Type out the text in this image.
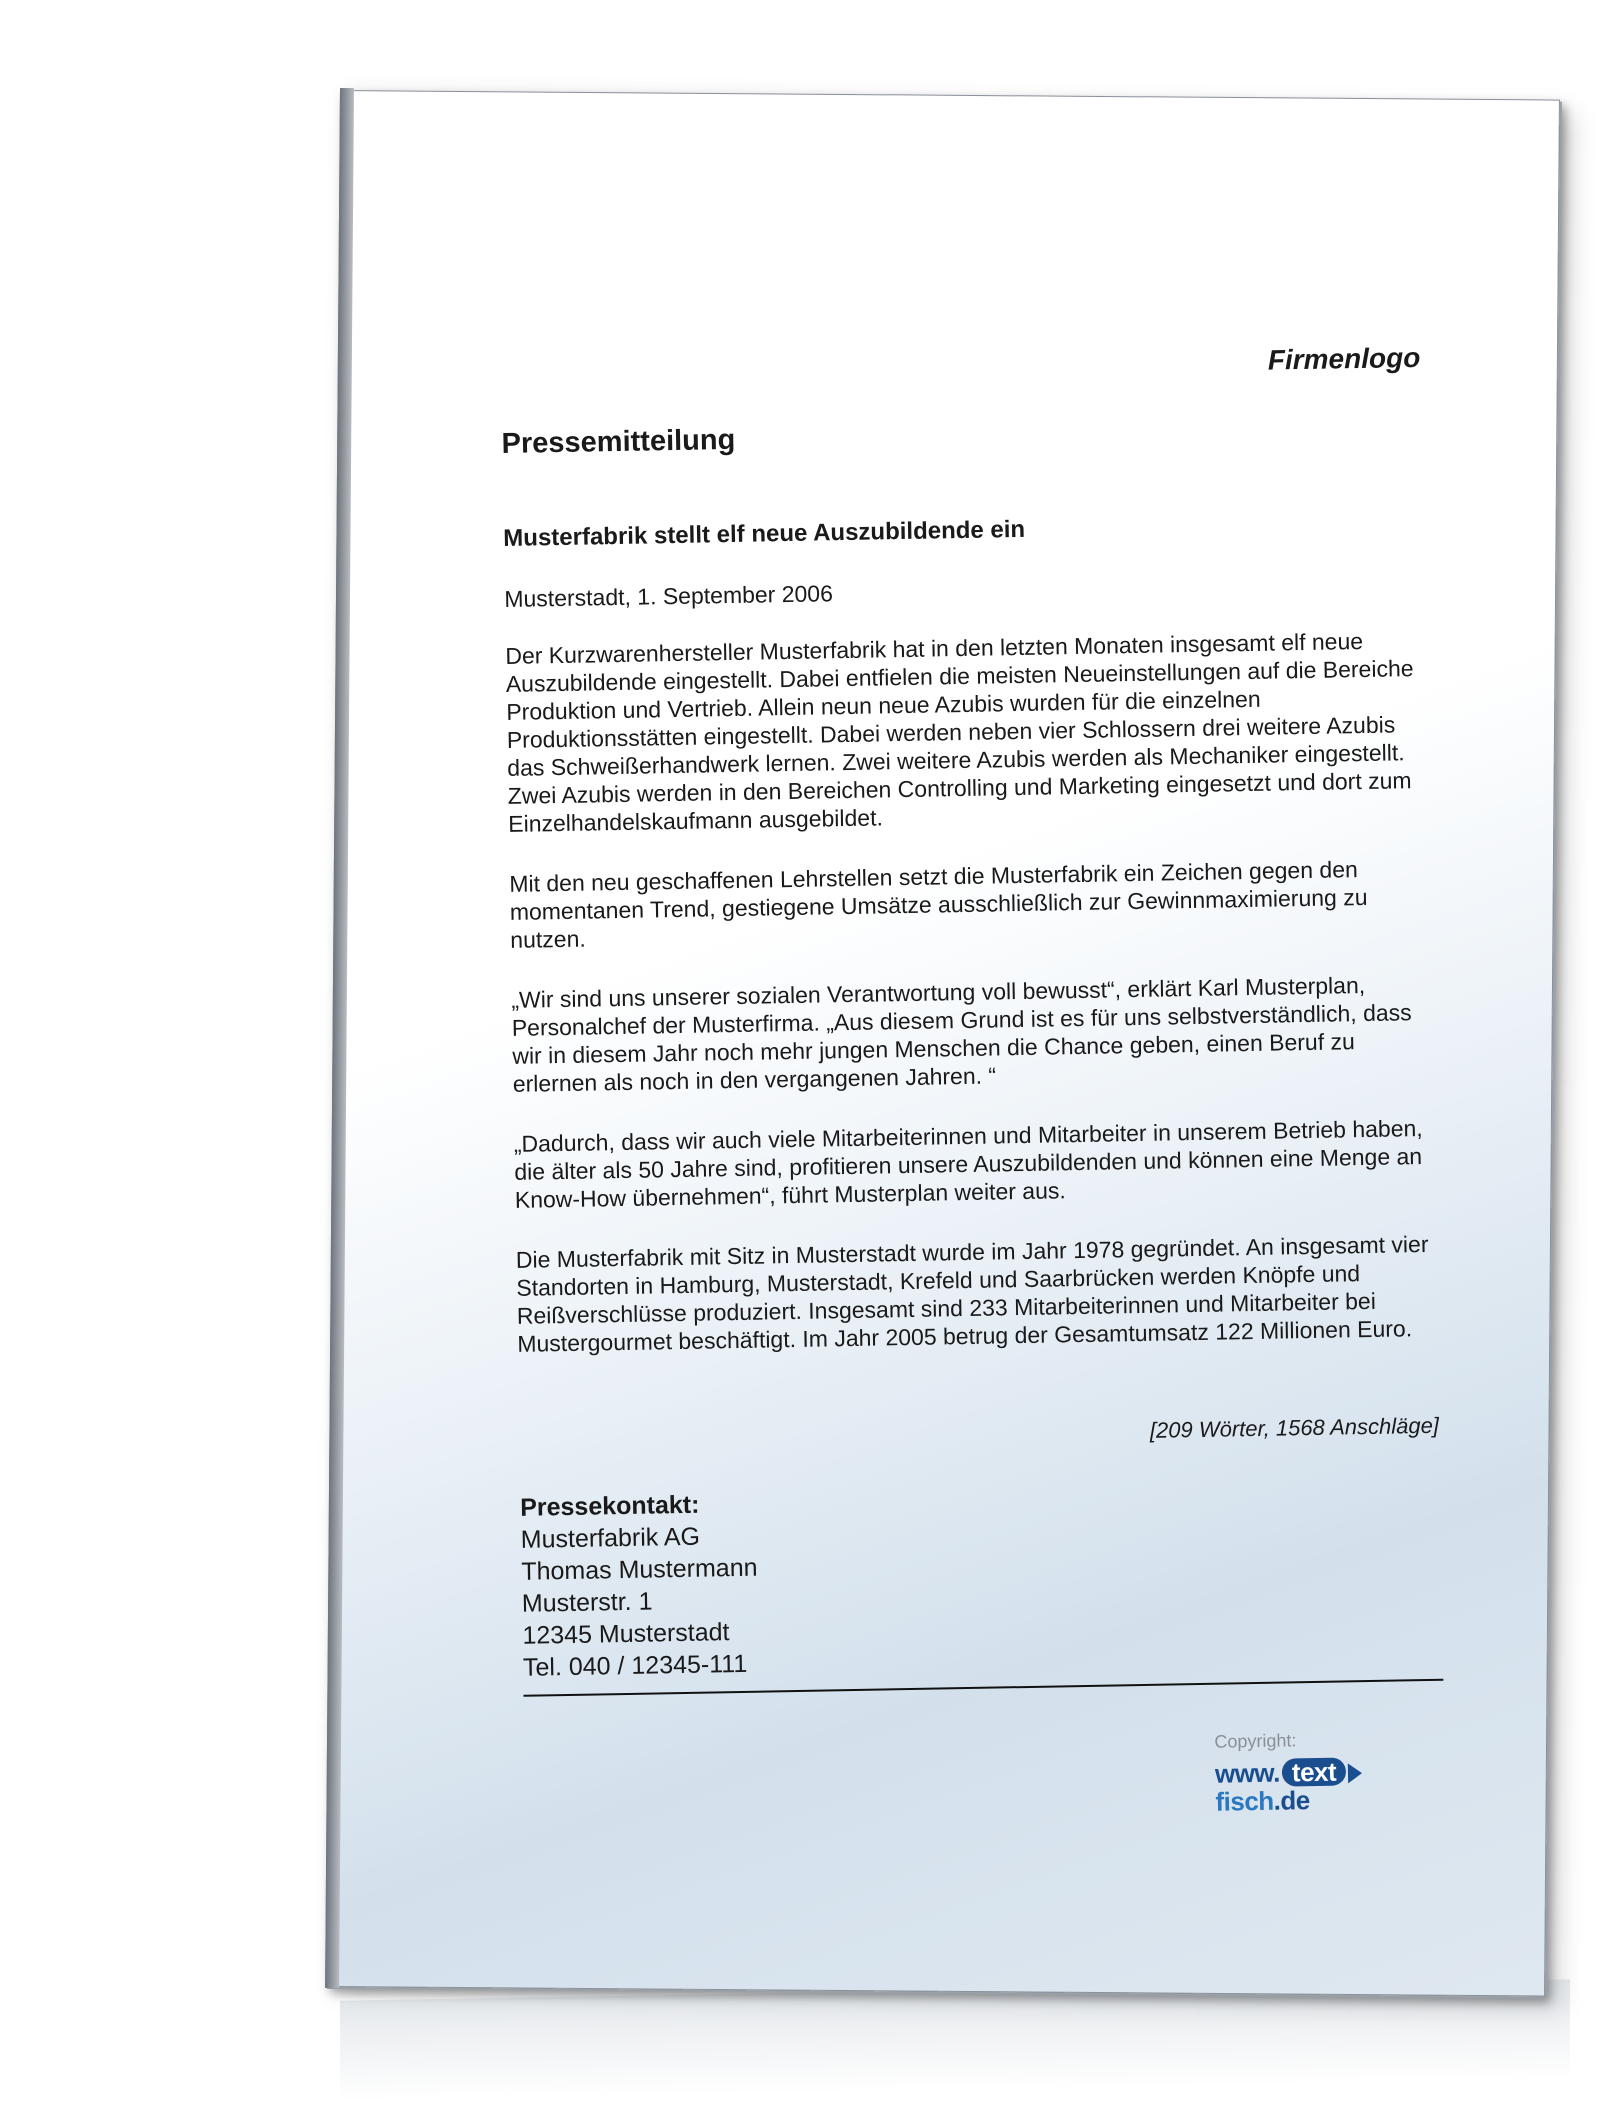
Firmenlogo
Pressemitteilung
Musterfabrik stellt elf neue Auszubildende ein
Musterstadt, 1. September 2006

Der Kurzwarenhersteller Musterfabrik hat in den letzten Monaten insgesamt elf neue Auszubildende eingestellt. Dabei entfielen die meisten Neueinstellungen auf die Bereiche Produktion und Vertrieb. Allein neun neue Azubis wurden für die einzelnen Produktionsstätten eingestellt. Dabei werden neben vier Schlossern drei weitere Azubis das Schweißerhandwerk lernen. Zwei weitere Azubis werden als Mechaniker eingestellt. Zwei Azubis werden in den Bereichen Controlling und Marketing eingesetzt und dort zum Einzelhandelskaufmann ausgebildet.

Mit den neu geschaffenen Lehrstellen setzt die Musterfabrik ein Zeichen gegen den momentanen Trend, gestiegene Umsätze ausschließlich zur Gewinnmaximierung zu nutzen.

„Wir sind uns unserer sozialen Verantwortung voll bewusst“, erklärt Karl Musterplan, Personalchef der Musterfirma. „Aus diesem Grund ist es für uns selbstverständlich, dass wir in diesem Jahr noch mehr jungen Menschen die Chance geben, einen Beruf zu erlernen als noch in den vergangenen Jahren. “

„Dadurch, dass wir auch viele Mitarbeiterinnen und Mitarbeiter in unserem Betrieb haben, die älter als 50 Jahre sind, profitieren unsere Auszubildenden und können eine Menge an Know-How übernehmen“, führt Musterplan weiter aus.

Die Musterfabrik mit Sitz in Musterstadt wurde im Jahr 1978 gegründet. An insgesamt vier Standorten in Hamburg, Musterstadt, Krefeld und Saarbrücken werden Knöpfe und Reißverschlüsse produziert. Insgesamt sind 233 Mitarbeiterinnen und Mitarbeiter bei Mustergourmet beschäftigt. Im Jahr 2005 betrug der Gesamtumsatz 122 Millionen Euro.

[209 Wörter, 1568 Anschläge]
Pressekontakt:
Musterfabrik AG
Thomas Mustermann
Musterstr. 1
12345 Musterstadt
Tel. 040 / 12345-111
Copyright:
www. textfisch.de
